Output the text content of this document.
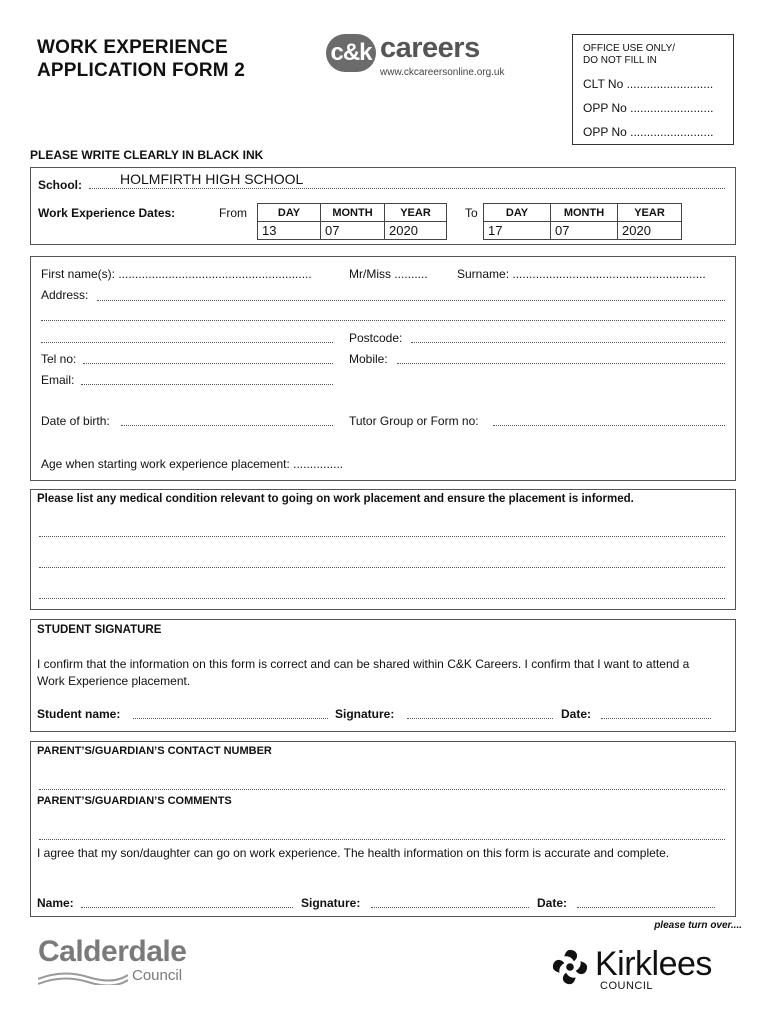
WORK EXPERIENCE
APPLICATION FORM 2
c&k careers
www.ckcareersonline.org.uk
OFFICE USE ONLY/
DO NOT FILL IN
CLT No ..........................
OPP No .........................
OPP No .........................
PLEASE WRITE CLEARLY IN BLACK INK
School:	HOLMFIRTH HIGH SCHOOL
Work Experience Dates:	From	DAY	MONTH	YEAR
13	07	2020
To	DAY	MONTH	YEAR
17	07	2020
First name(s): ..........................................................	Mr/Miss .......... Surname: ..........................................................
Address:
Postcode:
Tel no:	Mobile:
Email:
Date of birth:	Tutor Group or Form no:
Age when starting work experience placement: ...............
Please list any medical condition relevant to going on work placement and ensure the placement is informed.
STUDENT SIGNATURE
I confirm that the information on this form is correct and can be shared within C&K Careers. I confirm that I want to attend a Work Experience placement.
Student name:	Signature:	Date:
PARENT’S/GUARDIAN’S CONTACT NUMBER
PARENT’S/GUARDIAN’S COMMENTS
I agree that my son/daughter can go on work experience. The health information on this form is accurate and complete.
Name:	Signature:	Date:
please turn over....
Calderdale
Council	Kirklees
COUNCIL
